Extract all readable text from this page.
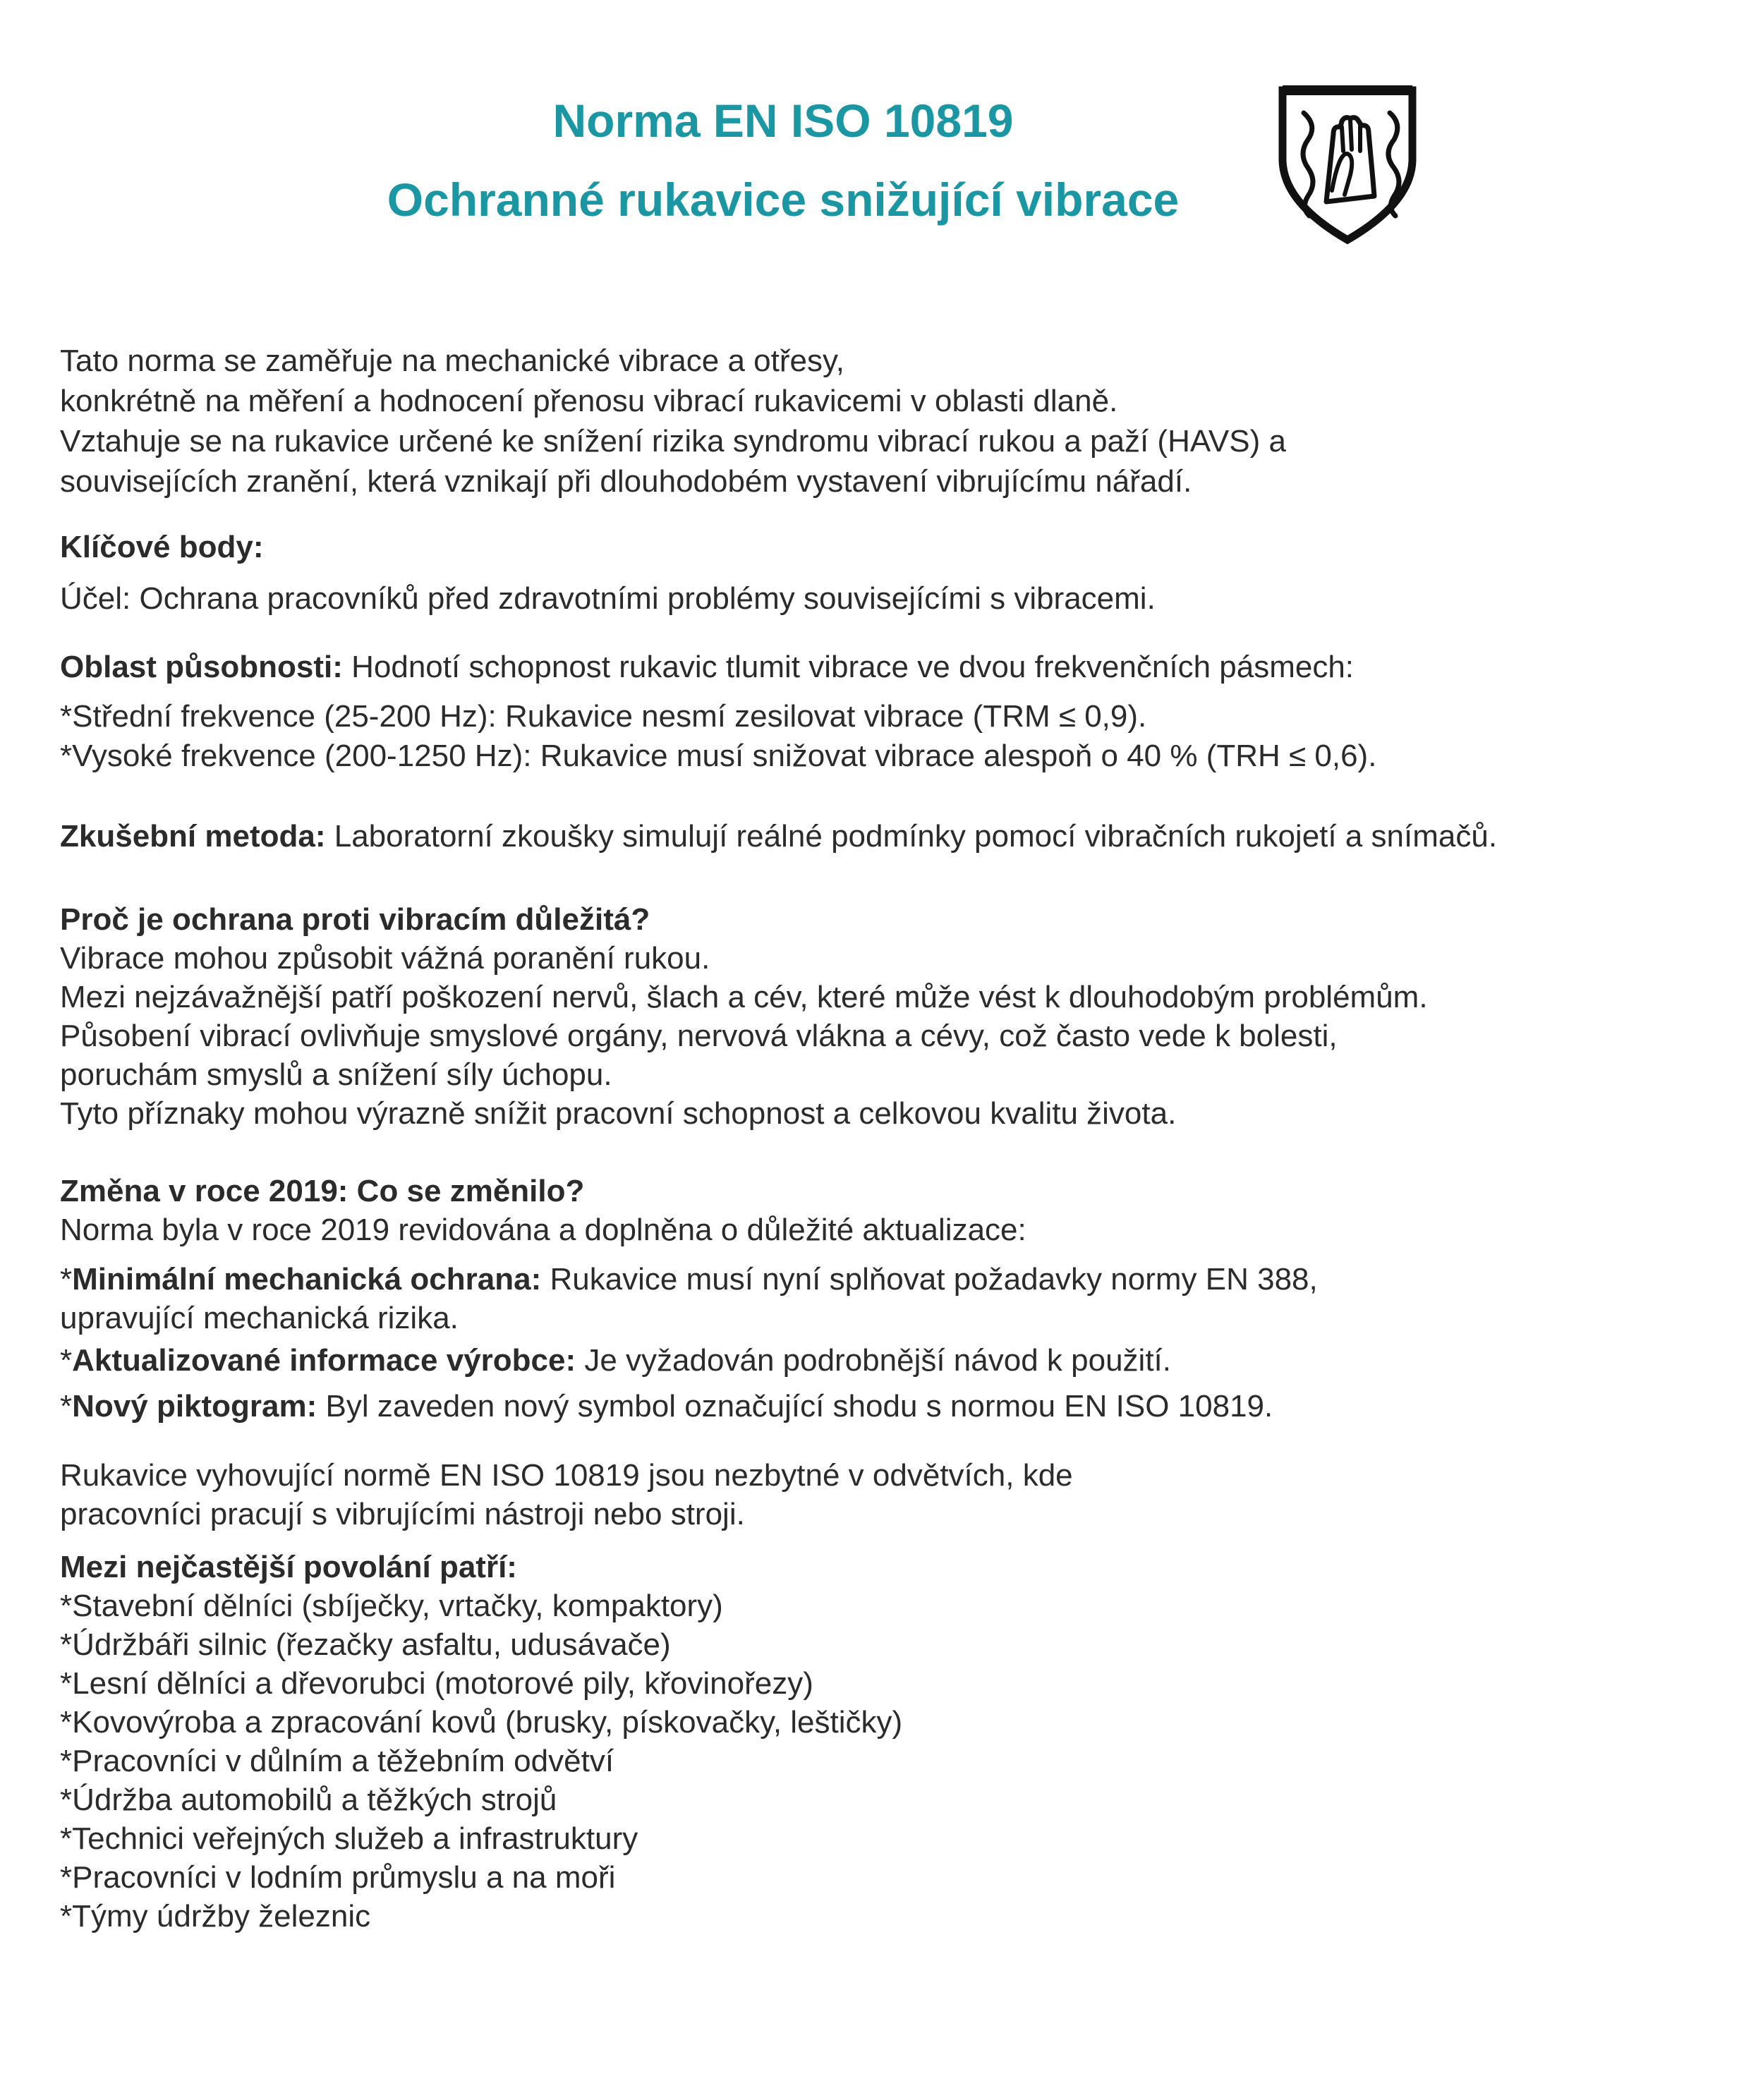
Norma EN ISO 10819
Ochranné rukavice snižující vibrace
Tato norma se zaměřuje na mechanické vibrace a otřesy,
konkrétně na měření a hodnocení přenosu vibrací rukavicemi v oblasti dlaně.
Vztahuje se na rukavice určené ke snížení rizika syndromu vibrací rukou a paží (HAVS) a
souvisejících zranění, která vznikají při dlouhodobém vystavení vibrujícímu nářadí.
Klíčové body:
Účel: Ochrana pracovníků před zdravotními problémy souvisejícími s vibracemi.
Oblast působnosti: Hodnotí schopnost rukavic tlumit vibrace ve dvou frekvenčních pásmech:
*Střední frekvence (25-200 Hz): Rukavice nesmí zesilovat vibrace (TRM ≤ 0,9).
*Vysoké frekvence (200-1250 Hz): Rukavice musí snižovat vibrace alespoň o 40 % (TRH ≤ 0,6).
Zkušební metoda: Laboratorní zkoušky simulují reálné podmínky pomocí vibračních rukojetí a snímačů.
Proč je ochrana proti vibracím důležitá?
Vibrace mohou způsobit vážná poranění rukou.
Mezi nejzávažnější patří poškození nervů, šlach a cév, které může vést k dlouhodobým problémům.
Působení vibrací ovlivňuje smyslové orgány, nervová vlákna a cévy, což často vede k bolesti,
poruchám smyslů a snížení síly úchopu.
Tyto příznaky mohou výrazně snížit pracovní schopnost a celkovou kvalitu života.
Změna v roce 2019: Co se změnilo?
Norma byla v roce 2019 revidována a doplněna o důležité aktualizace:
*Minimální mechanická ochrana: Rukavice musí nyní splňovat požadavky normy EN 388,
upravující mechanická rizika.
*Aktualizované informace výrobce: Je vyžadován podrobnější návod k použití.
*Nový piktogram: Byl zaveden nový symbol označující shodu s normou EN ISO 10819.
Rukavice vyhovující normě EN ISO 10819 jsou nezbytné v odvětvích, kde
pracovníci pracují s vibrujícími nástroji nebo stroji.
Mezi nejčastější povolání patří:
*Stavební dělníci (sbíječky, vrtačky, kompaktory)
*Údržbáři silnic (řezačky asfaltu, udusávače)
*Lesní dělníci a dřevorubci (motorové pily, křovinořezy)
*Kovovýroba a zpracování kovů (brusky, pískovačky, leštičky)
*Pracovníci v důlním a těžebním odvětví
*Údržba automobilů a těžkých strojů
*Technici veřejných služeb a infrastruktury
*Pracovníci v lodním průmyslu a na moři
*Týmy údržby železnic
